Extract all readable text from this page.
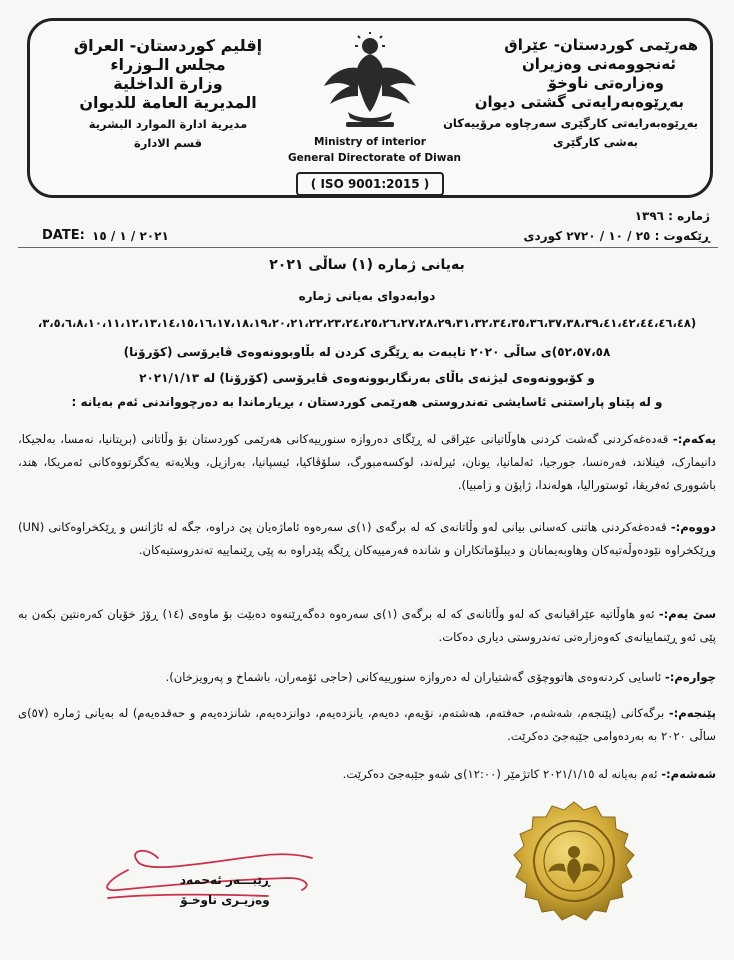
هەرێمی کوردستان- عێراق
ئەنجوومەنی وەزیران
وەزارەتی ناوخۆ
بەڕێوەبەرایەتی گشتی دیوان
بەڕێوەبەرایەتی کارگێری سەرچاوە مرۆییەکان
بەشی کارگێری
إقليم كوردستان- العراق
مجلس الـوزراء
وزارة الداخلية
المديرية العامة للديوان
مديرية ادارة الموارد البشرية
قسم الادارة	Ministry of interior
General Directorate of Diwan
( ISO 9001:2015 )
ژمارە : ١٣٩٦
ڕێکەوت : ٢٥ / ١٠ / ٢٧٢٠ کوردی
DATE: ٢٠٢١ / ١ / ١٥
بەیانی ژمارە (١) ساڵی ٢٠٢١
دوابەدوای بەیانی ژمارە
(٣،٥،٦،٨،١٠،١١،١٢،١٣،١٤،١٥،١٦،١٧،١٨،١٩،٢٠،٢١،٢٢،٢٣،٢٤،٢٥،٢٦،٢٧،٢٨،٢٩،٣١،٣٢،٣٤،٣٥،٣٦،٣٧،٣٨،٣٩،٤١،٤٢،٤٤،٤٦،٤٨،
٥٢،٥٧،٥٨)ی ساڵی ٢٠٢٠ تایبەت بە ڕێگری کردن لە بڵاوبوونەوەی ڤایرۆسی (کۆرۆنا)
و کۆبوونەوەی لیژنەی باڵای بەرنگاربوونەوەی ڤایرۆسی (کۆرۆنا) لە ٢٠٢١/١/١٣
و لە پێناو پاراستنی ئاسایشی تەندروستی هەرێمی کوردستان ، بڕیارماندا بە دەرچوواندنی ئەم بەیانە :
یەکەم:- قەدەغەکردنی گەشت کردنی هاوڵاتیانی عێراقی لە ڕێگای دەروازە سنورییەکانی هەرێمی کوردستان بۆ وڵاتانی (بریتانیا، نەمسا، بەلجیکا، دانیمارک، فینلاند، فەرەنسا، جورجیا، ئەلمانیا، یونان، ئیرلەند، لوکسەمبورگ، سلۆڤاکیا، ئیسپانیا، بەرازیل، ویلایەتە یەکگرتووەکانی ئەمریکا، هند، باشووری ئەفریقا، ئوستورالیا، هولەندا، ژاپۆن و زامبیا).
دووەم:- قەدەغەکردنی هاتنی کەسانی بیانی لەو وڵاتانەی کە لە برگەی (١)ی سەرەوە ئاماژەیان پێ دراوە، جگە لە ئاژانس و ڕێکخراوەکانی (UN) وڕێکخراوە نێودەوڵەتیەکان وهاوبەیمانان و دیبلۆماتکاران و شاندە فەرمییەکان ڕێگە پێدراوە بە پێی ڕێنماییە تەندروستیەکان.
سێ یەم:- ئەو هاوڵاتیە عێراقیانەی کە لەو وڵاتانەی کە لە برگەی (١)ی سەرەوە دەگەڕێنەوە دەبێت بۆ ماوەی (١٤) ڕۆژ خۆیان کەرەنتین بکەن بە پێی ئەو ڕێنماییانەی کەوەزارەتی تەندروستی دیاری دەکات.
چوارەم:- ئاسایی کردنەوەی هاتووچۆی گەشتیاران لە دەروازە سنورییەکانی (حاجی ئۆمەران، باشماخ و پەرویزخان).
پێنجەم:- برگەکانی (پێنجەم، شەشەم، حەفتەم، هەشتەم، نۆیەم، دەیەم، یانزدەیەم، دوانزدەیەم، شانزدەیەم و حەقدەیەم) لە بەیانی ژمارە (٥٧)ی ساڵی ٢٠٢٠ بە بەردەوامی جێبەجێ دەکرێت.
شەشەم:- ئەم بەیانە لە ٢٠٢١/١/١٥ کاتژمێر (١٢:٠٠)ی شەو جێبەجێ دەکرێت.
ڕێبـــەر ئەحمەد
وەزیـری ناوخـۆ
